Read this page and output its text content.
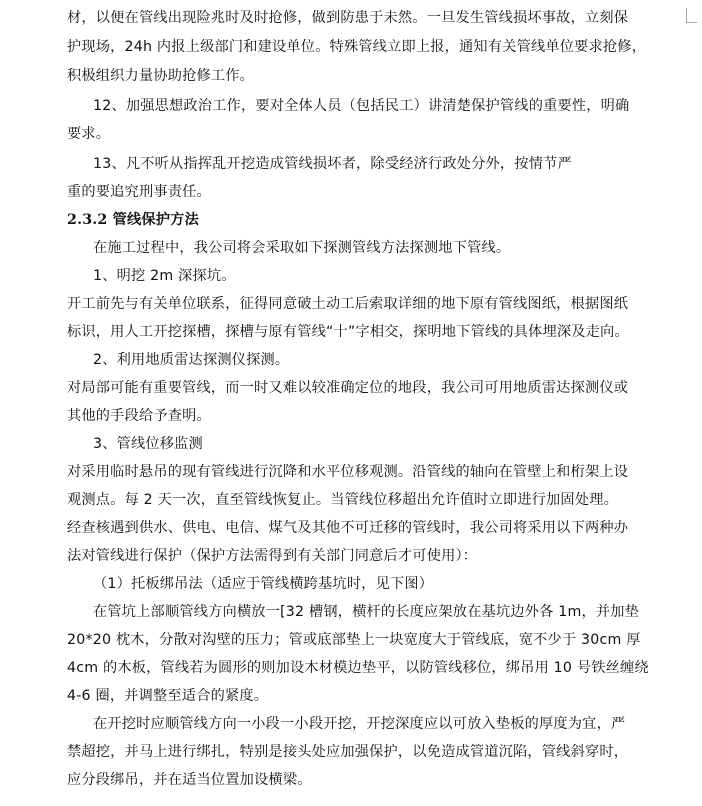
材，以便在管线出现险兆时及时抢修，做到防患于未然。一旦发生管线损坏事故，立刻保
护现场，24h 内报上级部门和建设单位。特殊管线立即上报，通知有关管线单位要求抢修，
积极组织力量协助抢修工作。
12、加强思想政治工作，要对全体人员（包括民工）讲清楚保护管线的重要性，明确
要求。
13、凡不听从指挥乱开挖造成管线损坏者，除受经济行政处分外，按情节严
重的要追究刑事责任。
2.3.2 管线保护方法
在施工过程中，我公司将会采取如下探测管线方法探测地下管线。
1、明挖 2m 深探坑。
开工前先与有关单位联系，征得同意破土动工后索取详细的地下原有管线图纸，根据图纸
标识，用人工开挖探槽，探槽与原有管线“十”字相交，探明地下管线的具体埋深及走向。
2、利用地质雷达探测仪探测。
对局部可能有重要管线，而一时又难以较准确定位的地段，我公司可用地质雷达探测仪或
其他的手段给予查明。
3、管线位移监测
对采用临时悬吊的现有管线进行沉降和水平位移观测。沿管线的轴向在管壁上和桁架上设
观测点。每 2 天一次，直至管线恢复止。当管线位移超出允许值时立即进行加固处理。
经查核遇到供水、供电、电信、煤气及其他不可迁移的管线时，我公司将采用以下两种办
法对管线进行保护（保护方法需得到有关部门同意后才可使用）：
（1）托板绑吊法（适应于管线横跨基坑时，见下图）
在管坑上部顺管线方向横放一[32 槽钢，横杆的长度应架放在基坑边外各 1m，并加垫
20*20 枕木，分散对沟壁的压力；管或底部垫上一块宽度大于管线底，宽不少于 30cm 厚
4cm 的木板，管线若为圆形的则加设木材模边垫平，以防管线移位，绑吊用 10 号铁丝缠绕
4-6 圈，并调整至适合的紧度。
在开挖时应顺管线方向一小段一小段开挖，开挖深度应以可放入垫板的厚度为宜，严
禁超挖，并马上进行绑扎，特别是接头处应加强保护，以免造成管道沉陷，管线斜穿时，
应分段绑吊，并在适当位置加设横梁。
